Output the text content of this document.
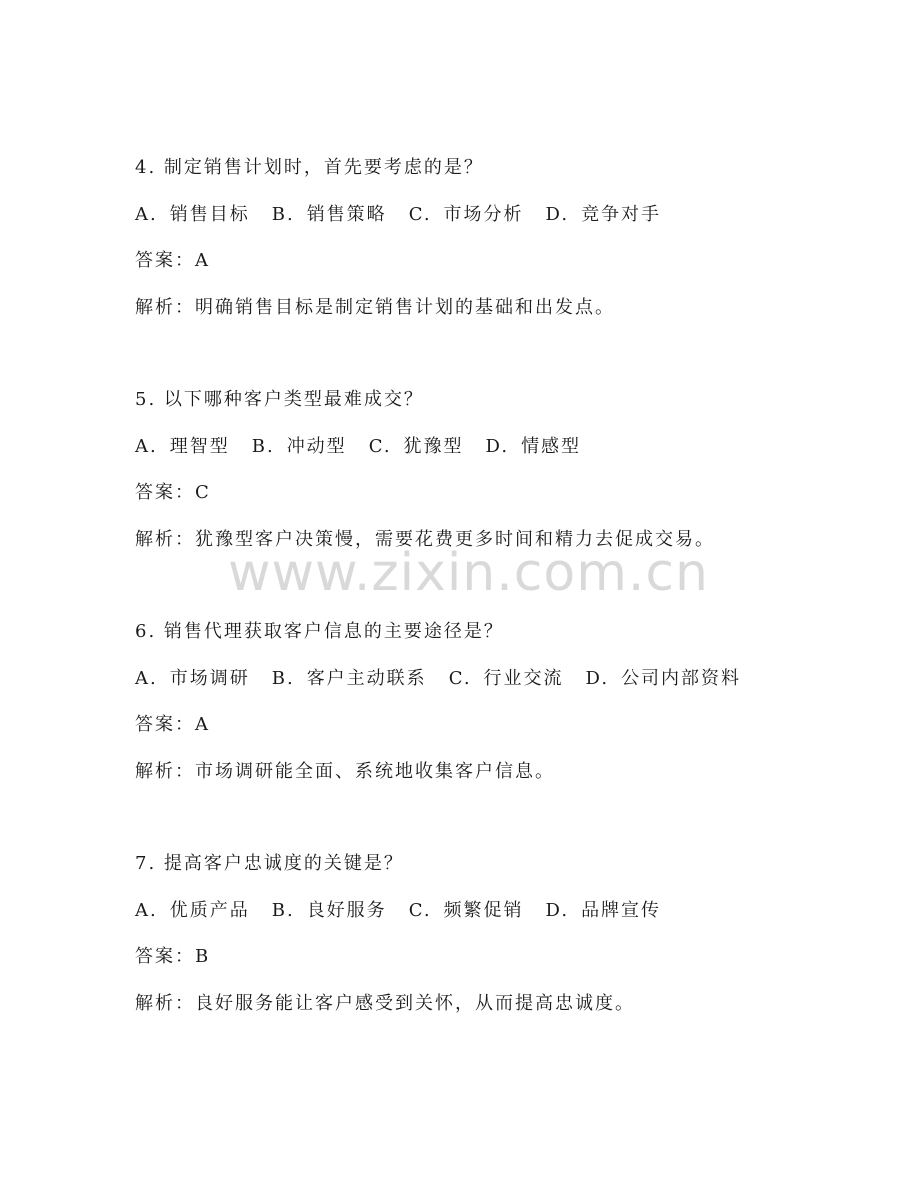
4. 制定销售计划时，首先要考虑的是？
A. 销售目标 B. 销售策略 C. 市场分析 D. 竞争对手
答案：A
解析：明确销售目标是制定销售计划的基础和出发点。
5. 以下哪种客户类型最难成交？
A. 理智型 B. 冲动型 C. 犹豫型 D. 情感型
答案：C
解析：犹豫型客户决策慢，需要花费更多时间和精力去促成交易。
6. 销售代理获取客户信息的主要途径是？
A. 市场调研 B. 客户主动联系 C. 行业交流 D. 公司内部资料
答案：A
解析：市场调研能全面、系统地收集客户信息。
7. 提高客户忠诚度的关键是？
A. 优质产品 B. 良好服务 C. 频繁促销 D. 品牌宣传
答案：B
解析：良好服务能让客户感受到关怀，从而提高忠诚度。
www.zixin.com.cn
